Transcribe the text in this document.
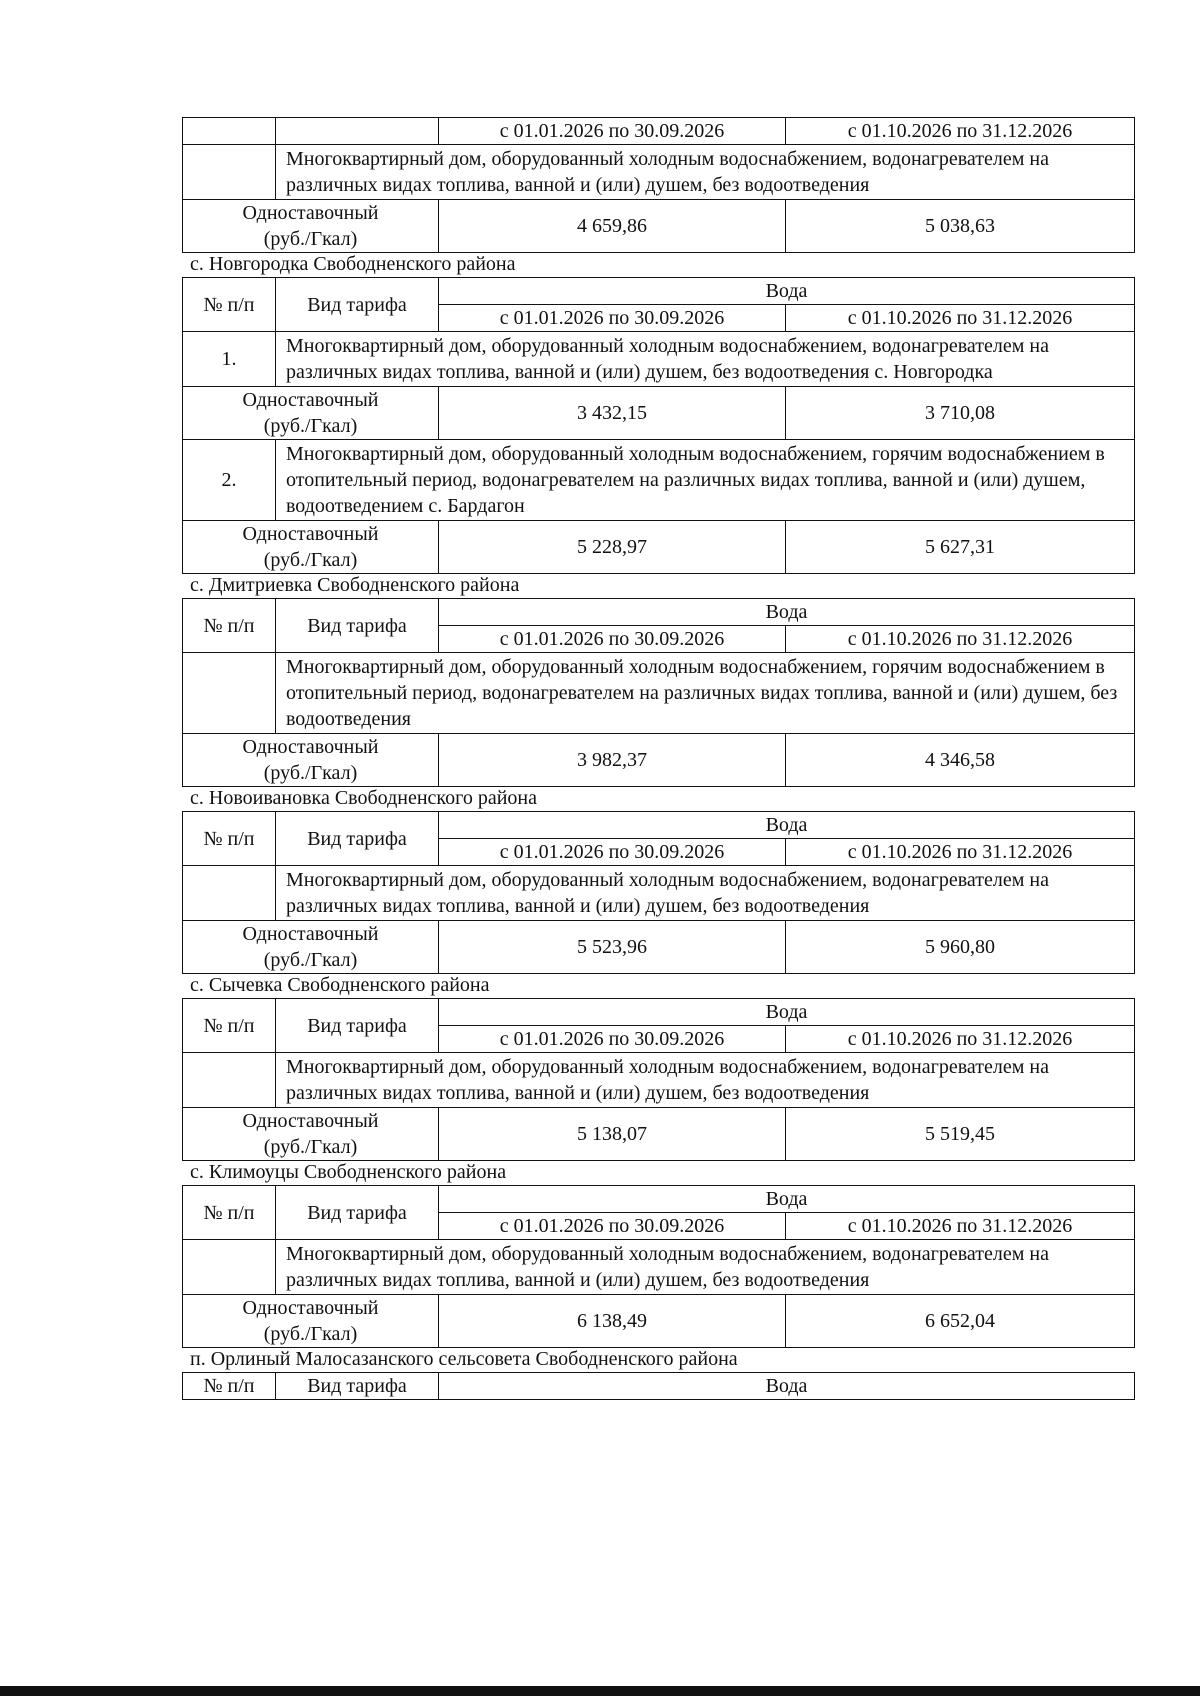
		с 01.01.2026 по 30.09.2026	с 01.10.2026 по 31.12.2026
	Многоквартирный дом, оборудованный холодным водоснабжением, водонагревателем на различных видах топлива, ванной и (или) душем, без водоотведения		

Одноставочный
(руб./Гкал)		4 659,86	5 038,63
с. Новгородка Свободненского района
№ п/п	Вид тарифа	Вода	
		с 01.01.2026 по 30.09.2026	с 01.10.2026 по 31.12.2026
1.	Многоквартирный дом, оборудованный холодным водоснабжением, водонагревателем на различных видах топлива, ванной и (или) душем, без водоотведения с. Новгородка		

Одноставочный
(руб./Гкал)		3 432,15	3 710,08
2.	Многоквартирный дом, оборудованный холодным водоснабжением, горячим водоснабжением в отопительный период, водонагревателем на различных видах топлива, ванной и (или) душем, водоотведением с. Бардагон		

Одноставочный
(руб./Гкал)		5 228,97	5 627,31
с. Дмитриевка Свободненского района
№ п/п	Вид тарифа	Вода	
		с 01.01.2026 по 30.09.2026	с 01.10.2026 по 31.12.2026
	Многоквартирный дом, оборудованный холодным водоснабжением, горячим водоснабжением в отопительный период, водонагревателем на различных видах топлива, ванной и (или) душем, без водоотведения		

Одноставочный
(руб./Гкал)		3 982,37	4 346,58
с. Новоивановка Свободненского района
№ п/п	Вид тарифа	Вода	
		с 01.01.2026 по 30.09.2026	с 01.10.2026 по 31.12.2026
	Многоквартирный дом, оборудованный холодным водоснабжением, водонагревателем на различных видах топлива, ванной и (или) душем, без водоотведения		

Одноставочный
(руб./Гкал)		5 523,96	5 960,80
с. Сычевка Свободненского района
№ п/п	Вид тарифа	Вода	
		с 01.01.2026 по 30.09.2026	с 01.10.2026 по 31.12.2026
	Многоквартирный дом, оборудованный холодным водоснабжением, водонагревателем на различных видах топлива, ванной и (или) душем, без водоотведения		

Одноставочный
(руб./Гкал)		5 138,07	5 519,45
с. Климоуцы Свободненского района
№ п/п	Вид тарифа	Вода	
		с 01.01.2026 по 30.09.2026	с 01.10.2026 по 31.12.2026
	Многоквартирный дом, оборудованный холодным водоснабжением, водонагревателем на различных видах топлива, ванной и (или) душем, без водоотведения		

Одноставочный
(руб./Гкал)		6 138,49	6 652,04
п. Орлиный Малосазанского сельсовета Свободненского района
№ п/п	Вид тарифа	Вода
